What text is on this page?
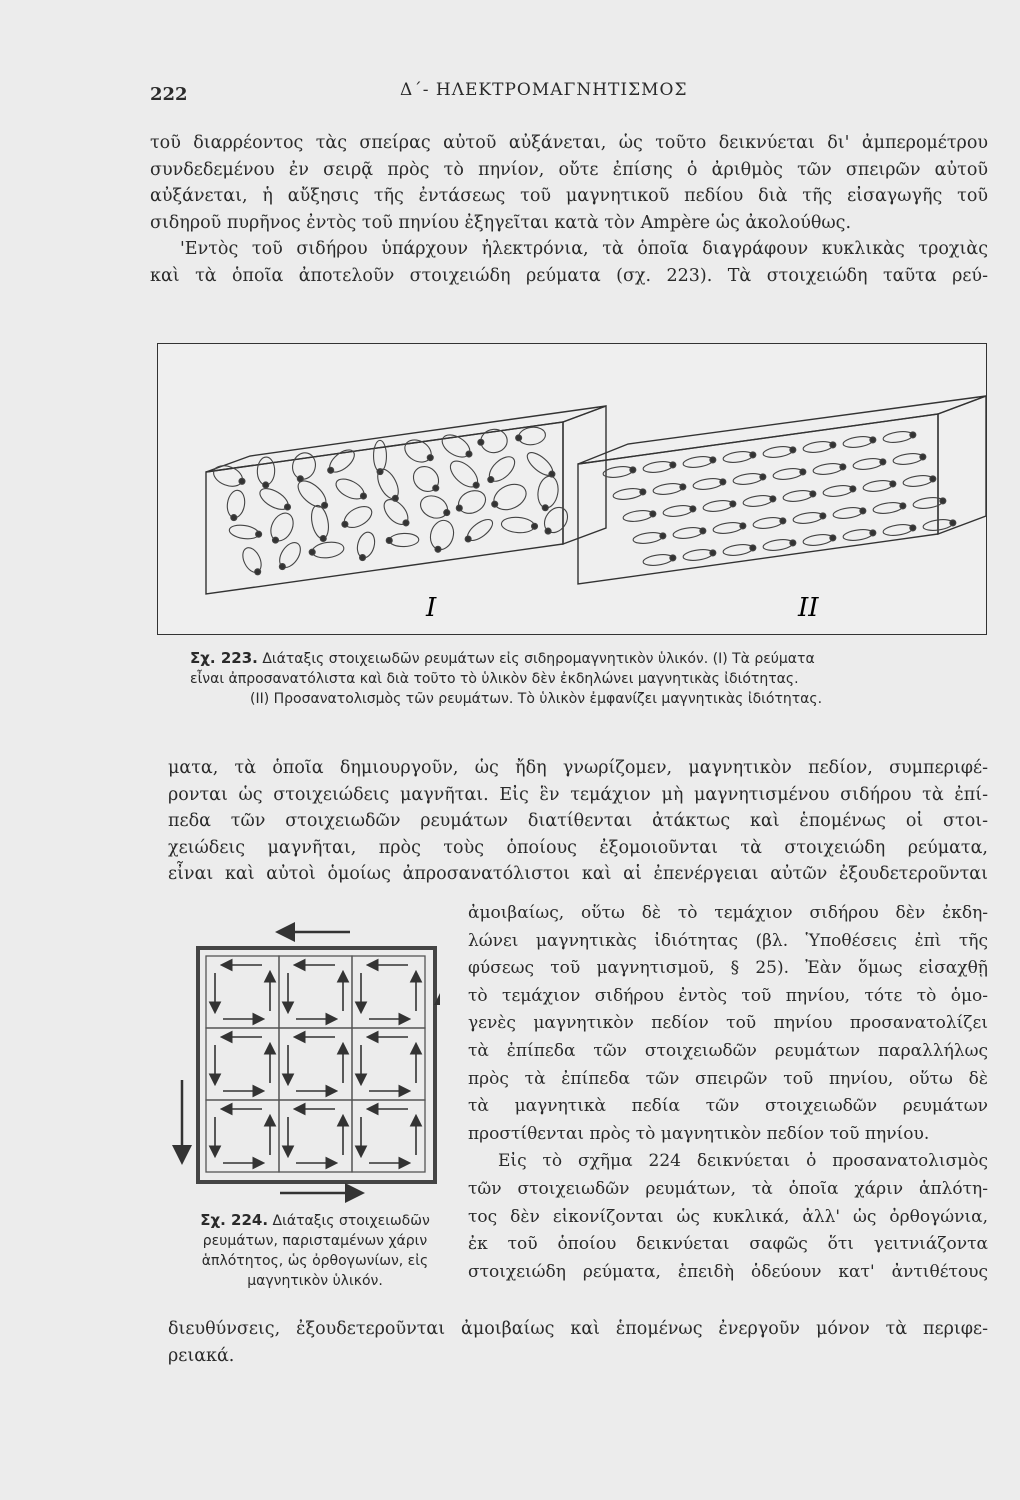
222	Δ΄- ΗΛΕΚΤΡΟΜΑΓΝΗΤΙΣΜΟΣ
τοῦ διαρρέοντος τὰς σπείρας αὐτοῦ αὐξάνεται, ὡς τοῦτο δεικνύεται δι' ἀμπερομέτρου
συνδεδεμένου ἐν σειρᾷ πρὸς τὸ πηνίον, οὔτε ἐπίσης ὁ ἀριθμὸς τῶν σπειρῶν αὐτοῦ
αὐξάνεται, ἡ αὔξησις τῆς ἐντάσεως τοῦ μαγνητικοῦ πεδίου διὰ τῆς εἰσαγωγῆς τοῦ
σιδηροῦ πυρῆνος ἐντὸς τοῦ πηνίου ἐξηγεῖται κατὰ τὸν Ampère ὡς ἀκολούθως.
'Εντὸς τοῦ σιδήρου ὑπάρχουν ἠλεκτρόνια, τὰ ὁποῖα διαγράφουν κυκλικὰς τροχιὰς
καὶ τὰ ὁποῖα ἀποτελοῦν στοιχειώδη ρεύματα (σχ. 223). Τὰ στοιχειώδη ταῦτα ρεύ-
I	II
Σχ. 223. Διάταξις στοιχειωδῶν ρευμάτων εἰς σιδηρομαγνητικὸν ὑλικόν. (I) Τὰ ρεύματα
εἶναι ἀπροσανατόλιστα καὶ διὰ τοῦτο τὸ ὑλικὸν δὲν ἐκδηλώνει μαγνητικὰς ἰδιότητας.
(II) Προσανατολισμὸς τῶν ρευμάτων. Τὸ ὑλικὸν ἐμφανίζει μαγνητικὰς ἰδιότητας.
ματα, τὰ ὁποῖα δημιουργοῦν, ὡς ἤδη γνωρίζομεν, μαγνητικὸν πεδίον, συμπεριφέ-
ρονται ὡς στοιχειώδεις μαγνῆται. Εἰς ἓν τεμάχιον μὴ μαγνητισμένου σιδήρου τὰ ἐπί-
πεδα τῶν στοιχειωδῶν ρευμάτων διατίθενται ἀτάκτως καὶ ἑπομένως οἱ στοι-
χειώδεις μαγνῆται, πρὸς τοὺς ὁποίους ἐξομοιοῦνται τὰ στοιχειώδη ρεύματα,
εἶναι καὶ αὐτοὶ ὁμοίως ἀπροσανατόλιστοι καὶ αἱ ἐπενέργειαι αὐτῶν ἐξουδετεροῦνται
ἀμοιβαίως, οὕτω δὲ τὸ τεμάχιον σιδήρου δὲν ἐκδη-
λώνει μαγνητικὰς ἰδιότητας (βλ. Ὑποθέσεις ἐπὶ τῆς
φύσεως τοῦ μαγνητισμοῦ, § 25). Ἐὰν ὅμως εἰσαχθῇ
τὸ τεμάχιον σιδήρου ἐντὸς τοῦ πηνίου, τότε τὸ ὁμο-
γενὲς μαγνητικὸν πεδίον τοῦ πηνίου προσανατολίζει
τὰ ἐπίπεδα τῶν στοιχειωδῶν ρευμάτων παραλλήλως
πρὸς τὰ ἐπίπεδα τῶν σπειρῶν τοῦ πηνίου, οὕτω δὲ
τὰ μαγνητικὰ πεδία τῶν στοιχειωδῶν ρευμάτων
προστίθενται πρὸς τὸ μαγνητικὸν πεδίον τοῦ πηνίου.
Εἰς τὸ σχῆμα 224 δεικνύεται ὁ προσανατολισμὸς
τῶν στοιχειωδῶν ρευμάτων, τὰ ὁποῖα χάριν ἁπλότη-
τος δὲν εἰκονίζονται ὡς κυκλικά, ἀλλ' ὡς ὀρθογώνια,
ἐκ τοῦ ὁποίου δεικνύεται σαφῶς ὅτι γειτνιάζοντα
στοιχειώδη ρεύματα, ἐπειδὴ ὁδεύουν κατ' ἀντιθέτους
Σχ. 224. Διάταξις στοιχειωδῶν
ρευμάτων, παρισταμένων χάριν
ἁπλότητος, ὡς ὀρθογωνίων, εἰς
μαγνητικὸν ὑλικόν.
διευθύνσεις, ἐξουδετεροῦνται ἀμοιβαίως καὶ ἑπομένως ἐνεργοῦν μόνον τὰ περιφε-
ρειακά.
